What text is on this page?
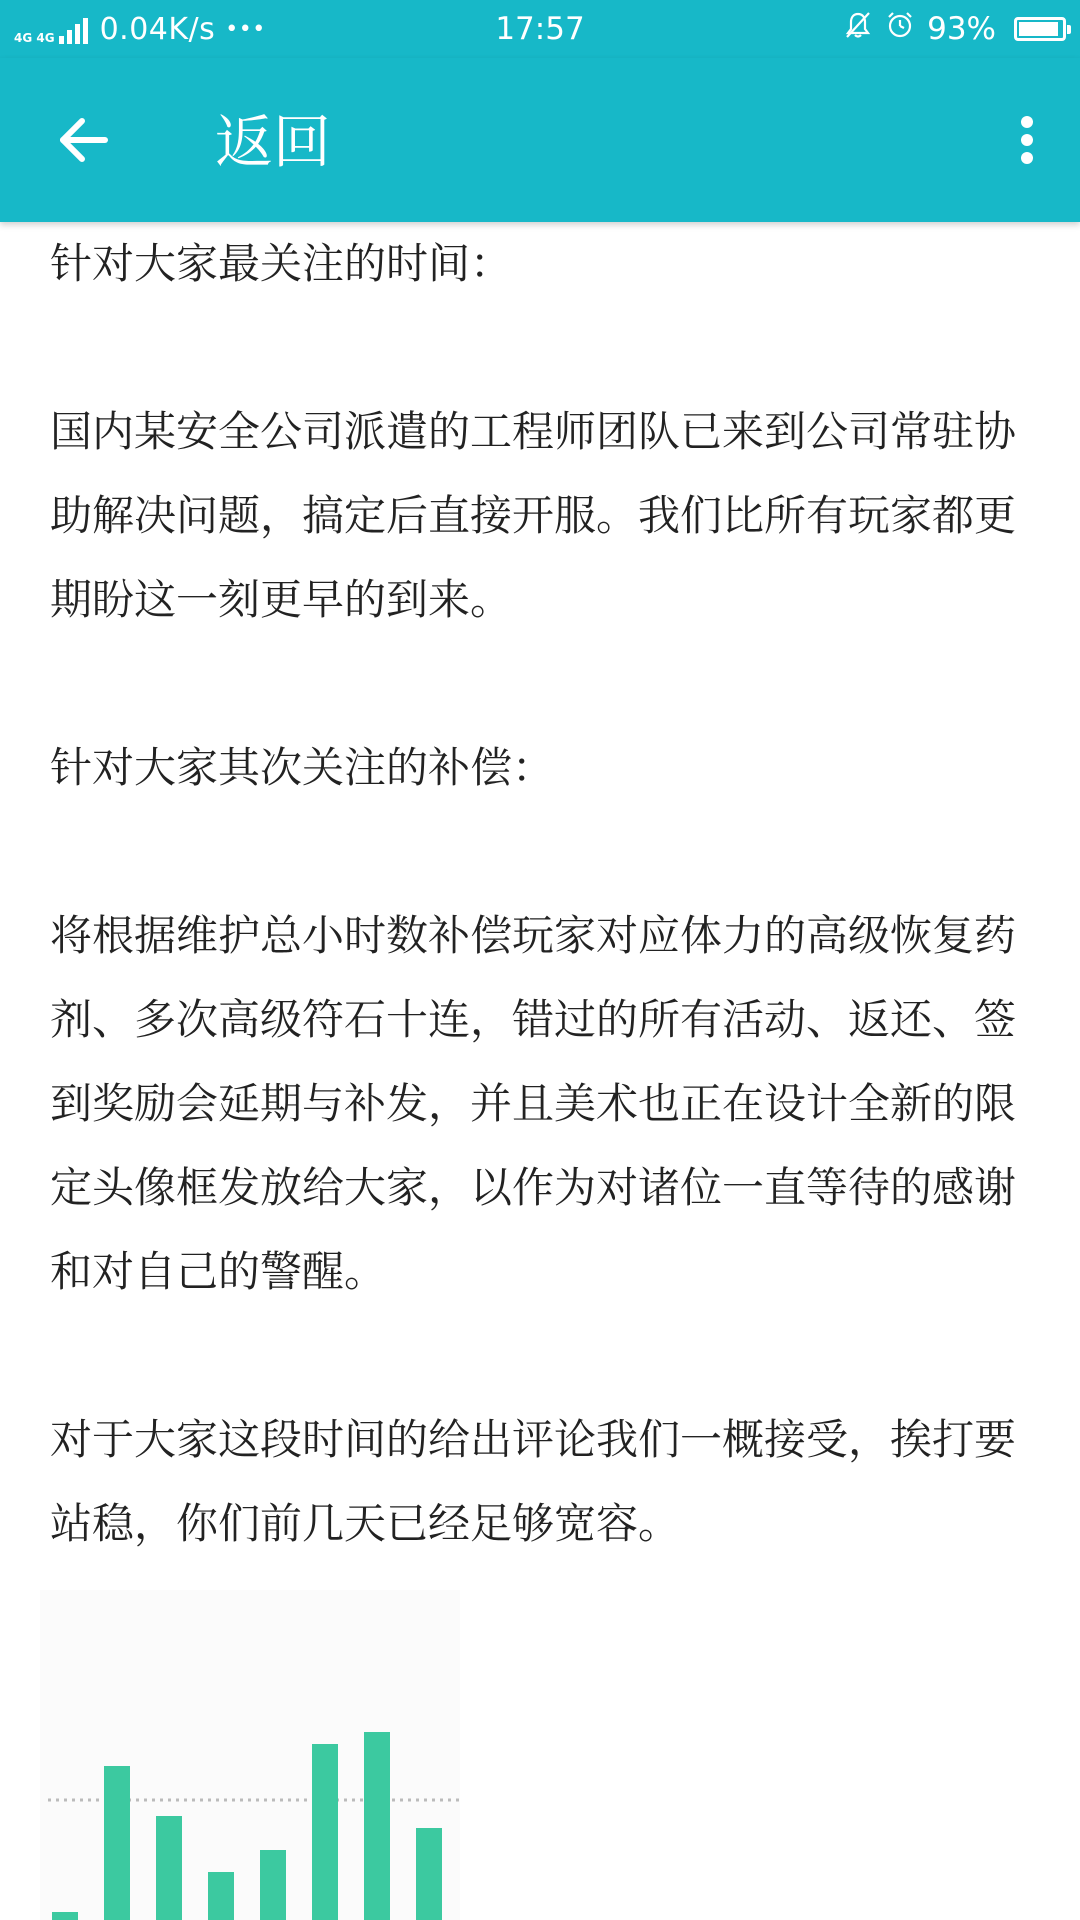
4G 4G 0.04K/s •••	17:57	93%
返回

针对大家最关注的时间：

国内某安全公司派遣的工程师团队已来到公司常驻协助解决问题，搞定后直接开服。我们比所有玩家都更期盼这一刻更早的到来。

针对大家其次关注的补偿：

将根据维护总小时数补偿玩家对应体力的高级恢复药剂、多次高级符石十连，错过的所有活动、返还、签到奖励会延期与补发，并且美术也正在设计全新的限定头像框发放给大家，以作为对诸位一直等待的感谢和对自己的警醒。

对于大家这段时间的给出评论我们一概接受，挨打要站稳，你们前几天已经足够宽容。
